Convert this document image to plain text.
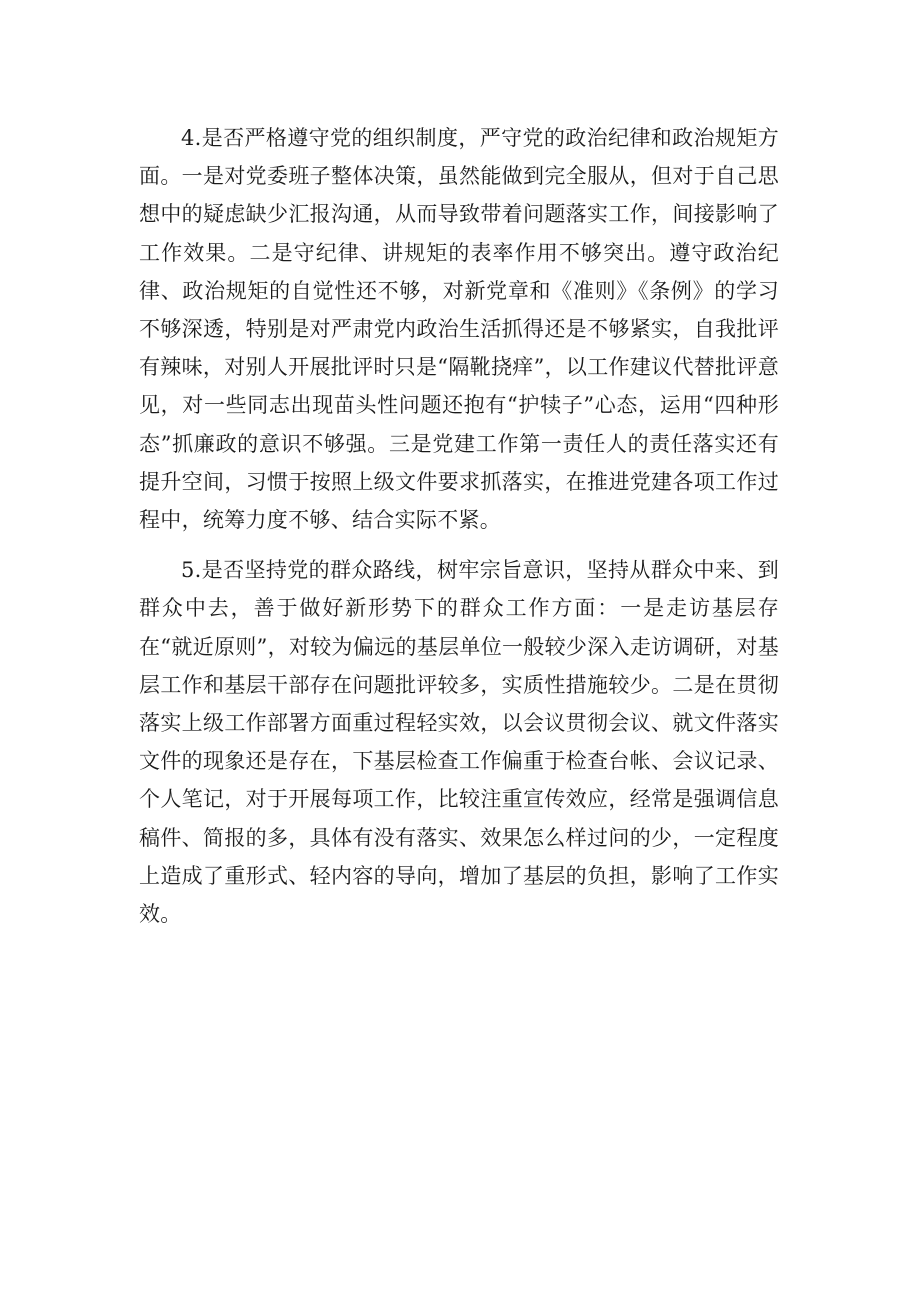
4.是否严格遵守党的组织制度，严守党的政治纪律和政治规矩方面。一是对党委班子整体决策，虽然能做到完全服从，但对于自己思想中的疑虑缺少汇报沟通，从而导致带着问题落实工作，间接影响了工作效果。二是守纪律、讲规矩的表率作用不够突出。遵守政治纪律、政治规矩的自觉性还不够，对新党章和《准则》《条例》的学习不够深透，特别是对严肃党内政治生活抓得还是不够紧实，自我批评有辣味，对别人开展批评时只是“隔靴挠痒”，以工作建议代替批评意见，对一些同志出现苗头性问题还抱有“护犊子”心态，运用“四种形态”抓廉政的意识不够强。三是党建工作第一责任人的责任落实还有提升空间，习惯于按照上级文件要求抓落实，在推进党建各项工作过程中，统筹力度不够、结合实际不紧。

5.是否坚持党的群众路线，树牢宗旨意识，坚持从群众中来、到群众中去，善于做好新形势下的群众工作方面：一是走访基层存在“就近原则”，对较为偏远的基层单位一般较少深入走访调研，对基层工作和基层干部存在问题批评较多，实质性措施较少。二是在贯彻落实上级工作部署方面重过程轻实效，以会议贯彻会议、就文件落实文件的现象还是存在，下基层检查工作偏重于检查台帐、会议记录、个人笔记，对于开展每项工作，比较注重宣传效应，经常是强调信息稿件、简报的多，具体有没有落实、效果怎么样过问的少，一定程度上造成了重形式、轻内容的导向，增加了基层的负担，影响了工作实效。
